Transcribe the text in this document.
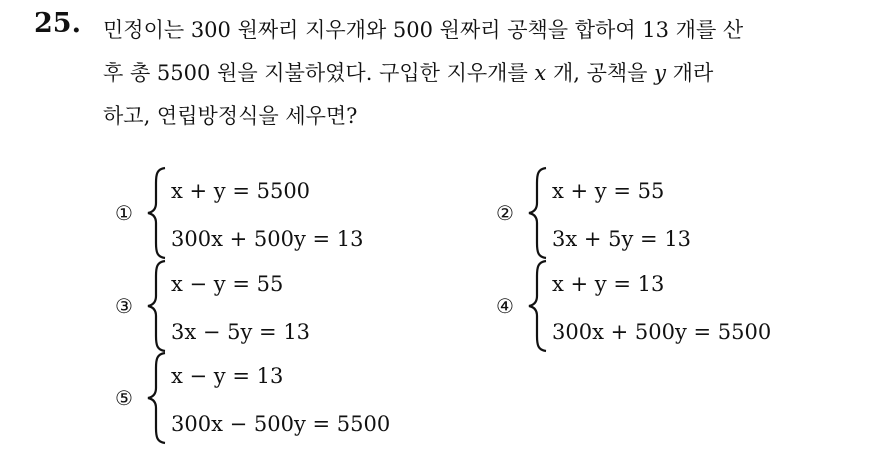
25. 민정이는 300 원짜리 지우개와 500 원짜리 공책을 합하여 13 개를 산
후 총 5500 원을 지불하였다. 구입한 지우개를 x 개, 공책을 y 개라
하고, 연립방정식을 세우면?
①
x + y = 5500
300x + 500y = 13
②
x + y = 55
3x + 5y = 13
③
x − y = 55
3x − 5y = 13
④
x + y = 13
300x + 500y = 5500
⑤
x − y = 13
300x − 500y = 5500
